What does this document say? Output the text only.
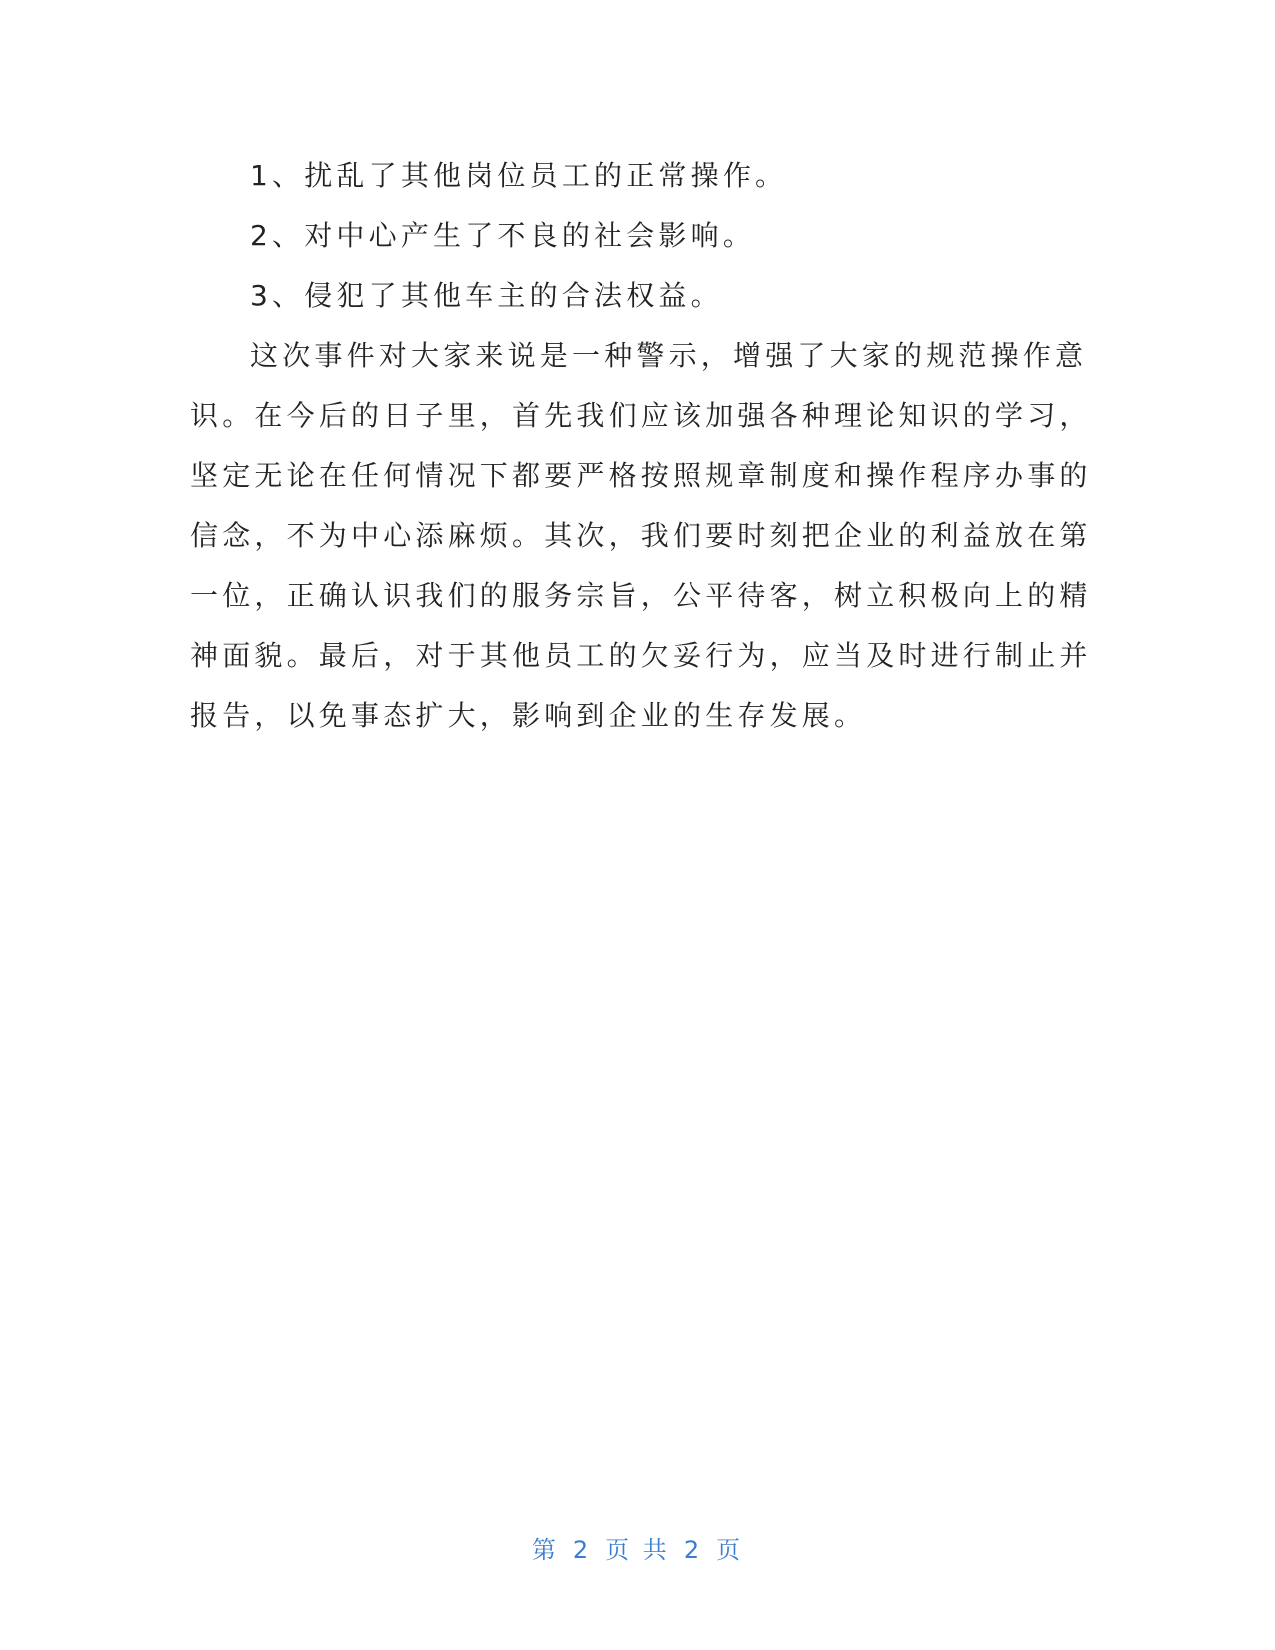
1、扰乱了其他岗位员工的正常操作。
2、对中心产生了不良的社会影响。
3、侵犯了其他车主的合法权益。
这次事件对大家来说是一种警示，增强了大家的规范操作意
识。在今后的日子里，首先我们应该加强各种理论知识的学习，
坚定无论在任何情况下都要严格按照规章制度和操作程序办事的
信念，不为中心添麻烦。其次，我们要时刻把企业的利益放在第
一位，正确认识我们的服务宗旨，公平待客，树立积极向上的精
神面貌。最后，对于其他员工的欠妥行为，应当及时进行制止并
报告，以免事态扩大，影响到企业的生存发展。
第 2 页 共 2 页
